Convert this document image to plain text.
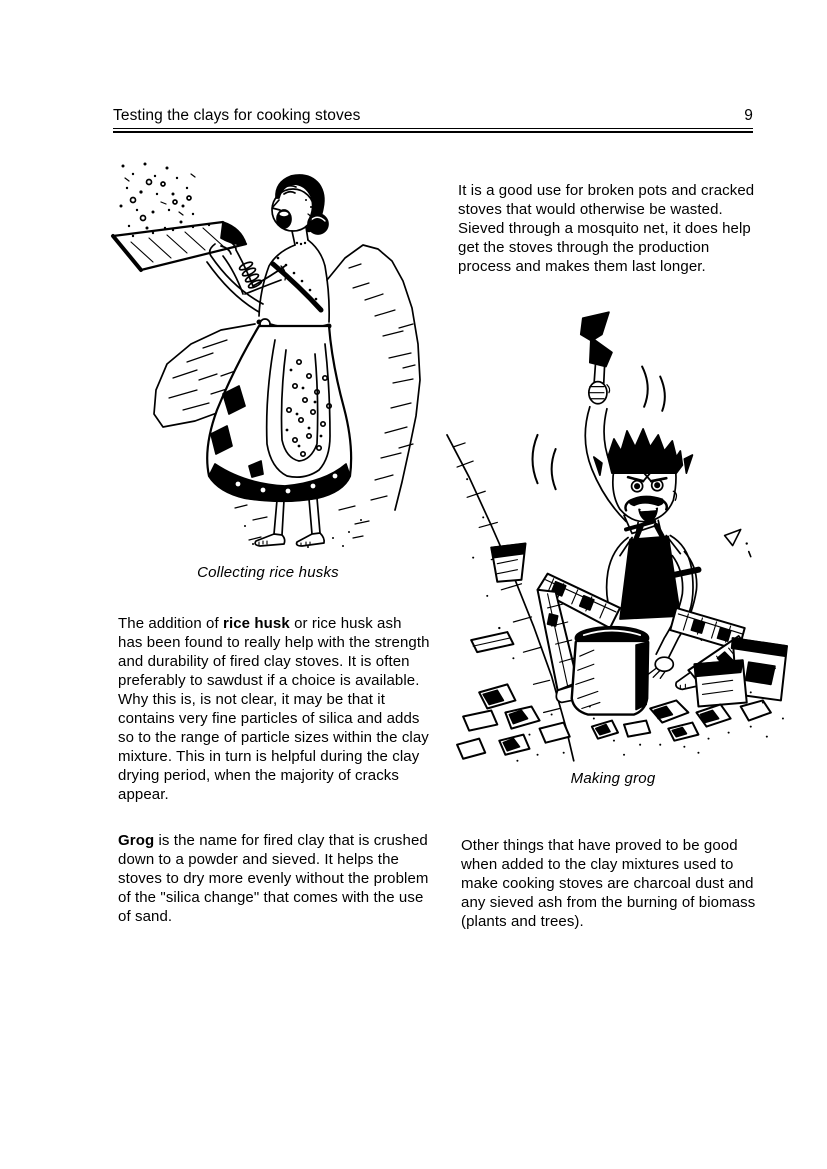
Testing the clays for cooking stoves	9
Collecting rice husks

It is a good use for broken pots and cracked stoves that would otherwise be wasted. Sieved through a mosquito net, it does help get the stoves through the production process and makes them last longer.

Making grog

The addition of rice husk or rice husk ash has been found to really help with the strength and durability of fired clay stoves. It is often preferably to sawdust if a choice is available. Why this is, is not clear, it may be that it contains very fine particles of silica and adds so to the range of particle sizes within the clay mixture. This in turn is helpful during the clay drying period, when the majority of cracks appear.

Grog is the name for fired clay that is crushed down to a powder and sieved. It helps the stoves to dry more evenly without the problem of the "silica change" that comes with the use of sand.

Other things that have proved to be good when added to the clay mixtures used to make cooking stoves are charcoal dust and any sieved ash from the burning of biomass (plants and trees).
